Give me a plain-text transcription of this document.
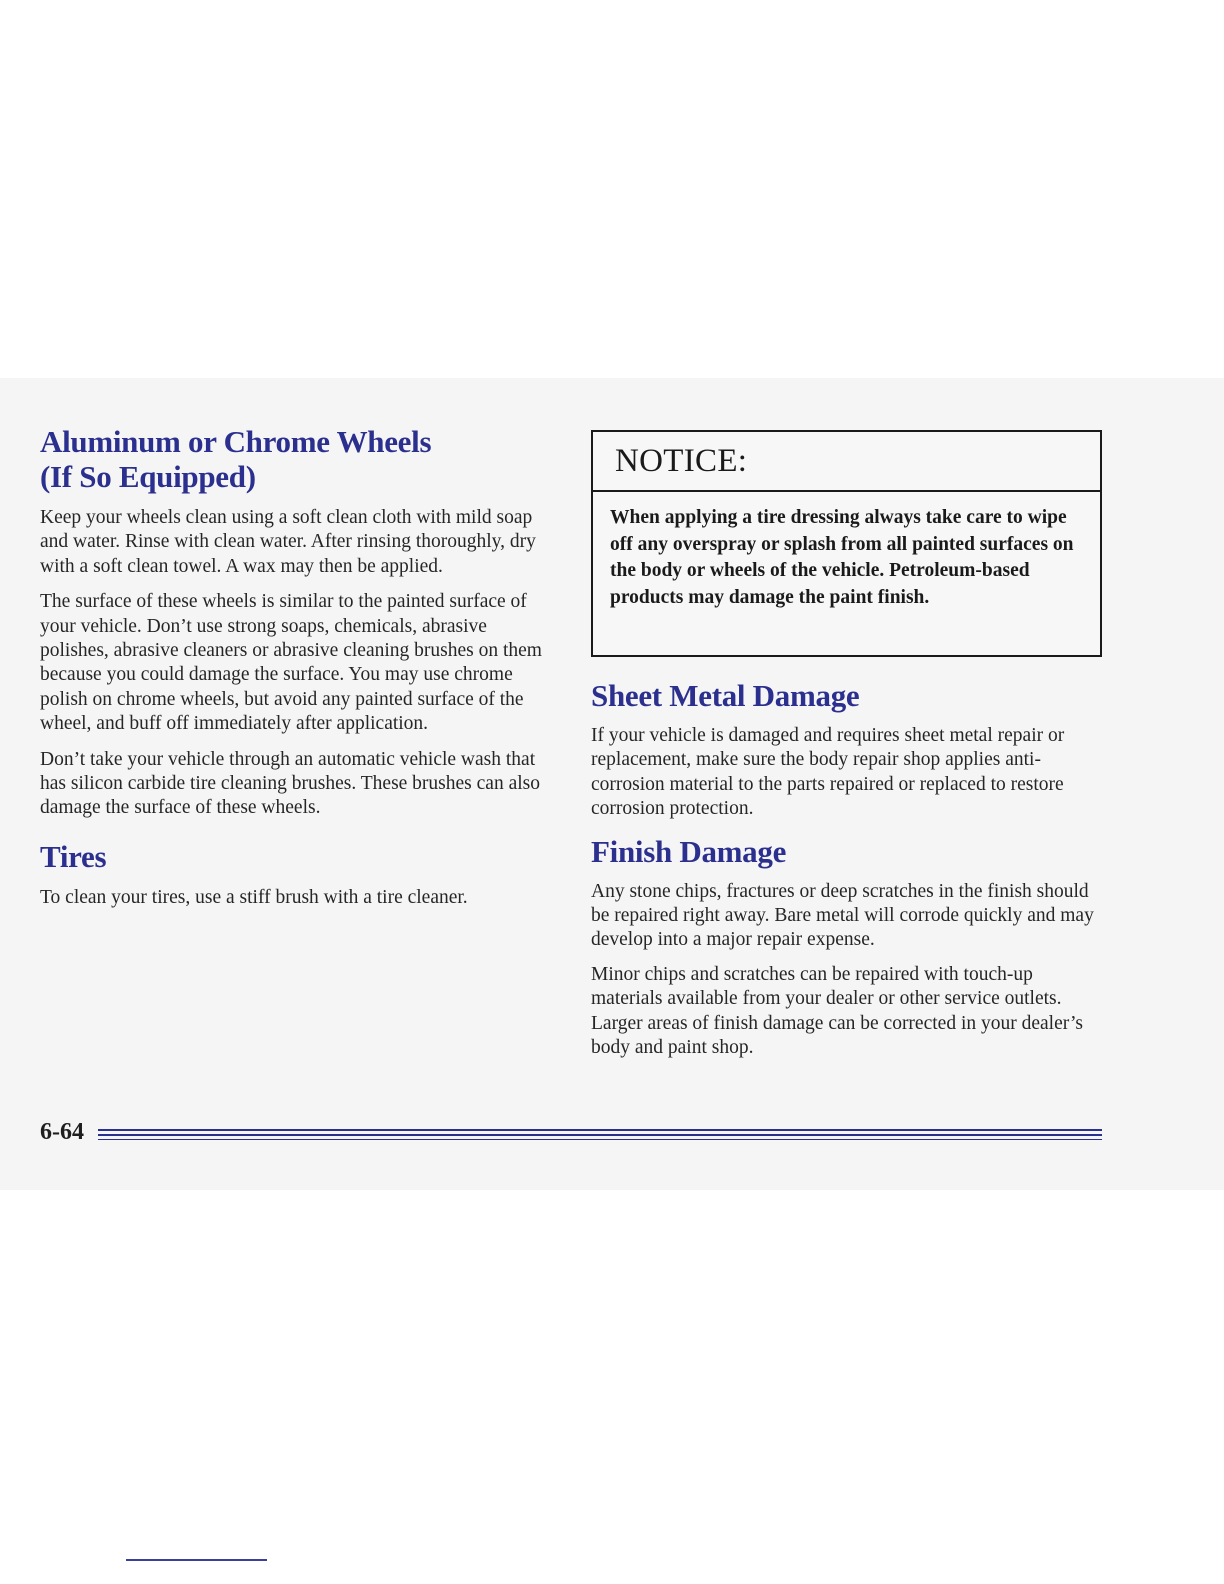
Aluminum or Chrome Wheels
(If So Equipped)

Keep your wheels clean using a soft clean cloth with mild soap and water. Rinse with clean water. After rinsing thoroughly, dry with a soft clean towel. A wax may then be applied.

The surface of these wheels is similar to the painted surface of your vehicle. Don’t use strong soaps, chemicals, abrasive polishes, abrasive cleaners or abrasive cleaning brushes on them because you could damage the surface. You may use chrome polish on chrome wheels, but avoid any painted surface of the wheel, and buff off immediately after application.

Don’t take your vehicle through an automatic vehicle wash that has silicon carbide tire cleaning brushes. These brushes can also damage the surface of these wheels.

Tires

To clean your tires, use a stiff brush with a tire cleaner.

NOTICE:
When applying a tire dressing always take care to wipe off any overspray or splash from all painted surfaces on the body or wheels of the vehicle. Petroleum-based products may damage the paint finish.
Sheet Metal Damage

If your vehicle is damaged and requires sheet metal repair or replacement, make sure the body repair shop applies anti-corrosion material to the parts repaired or replaced to restore corrosion protection.

Finish Damage

Any stone chips, fractures or deep scratches in the finish should be repaired right away. Bare metal will corrode quickly and may develop into a major repair expense.

Minor chips and scratches can be repaired with touch-up materials available from your dealer or other service outlets. Larger areas of finish damage can be corrected in your dealer’s body and paint shop.

6-64
